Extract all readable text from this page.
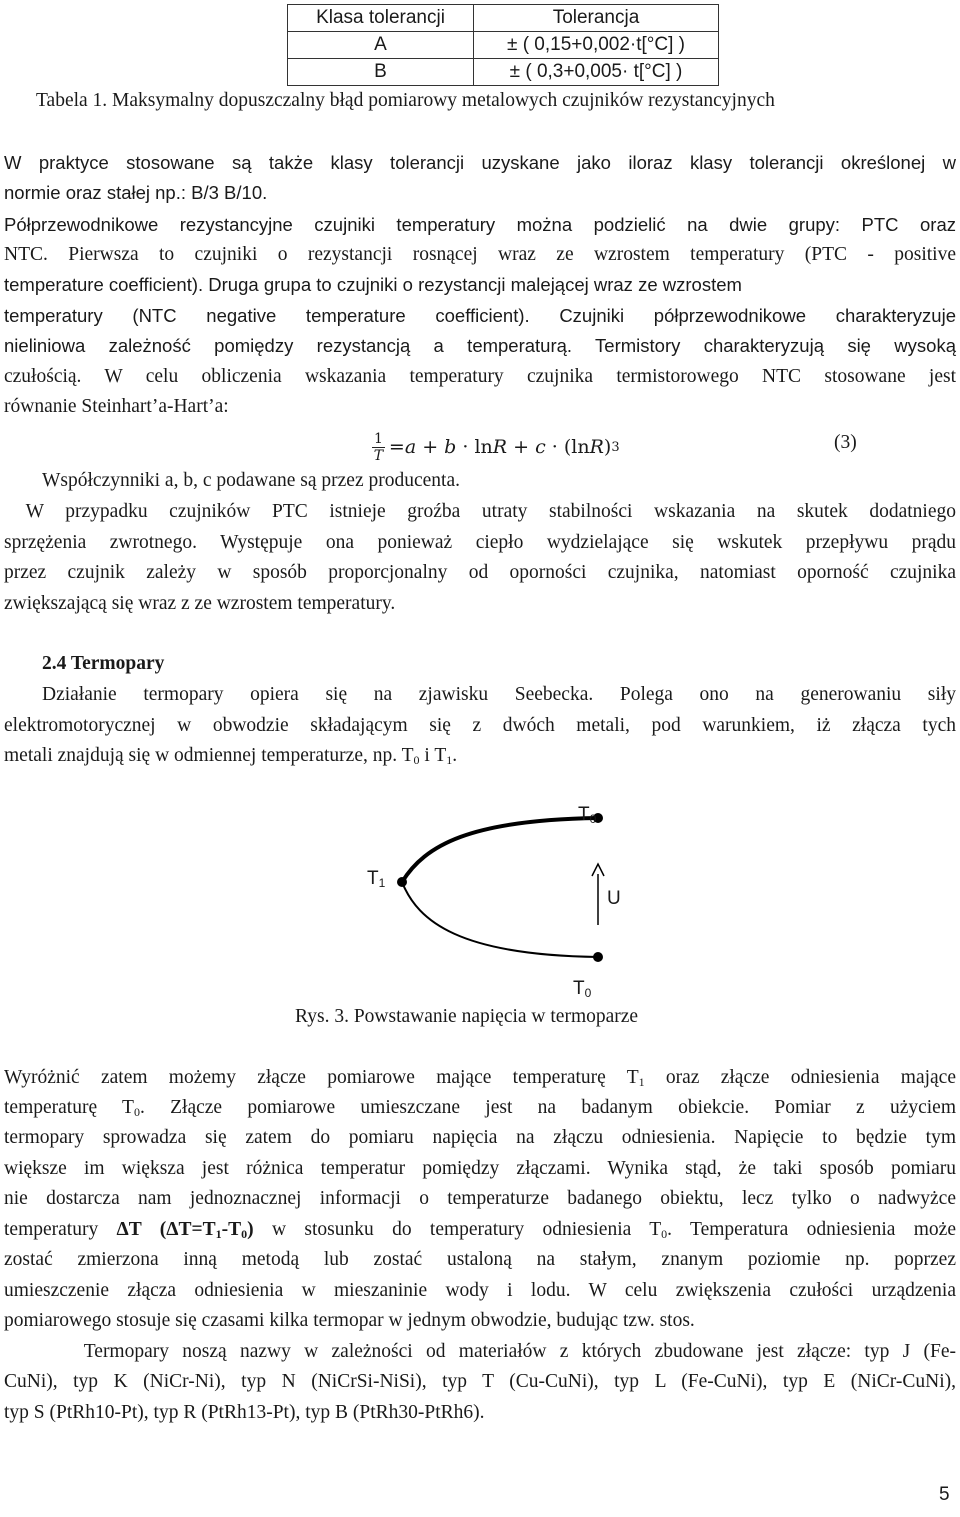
Klasa tolerancji	Tolerancja
A	± ( 0,15+0,002·t[°C] )
B	± ( 0,3+0,005· t[°C] )
Tabela 1. Maksymalny dopuszczalny błąd pomiarowy metalowych czujników rezystancyjnych
W praktyce stosowane są także klasy tolerancji uzyskane jako iloraz klasy tolerancji określonej w
normie oraz stałej np.: B/3 B/10.
Półprzewodnikowe rezystancyjne czujniki temperatury można podzielić na dwie grupy: PTC oraz
NTC. Pierwsza to czujniki o rezystancji rosnącej wraz ze wzrostem temperatury (PTC - positive
temperature coefficient). Druga grupa to czujniki o rezystancji malejącej wraz ze wzrostem
temperatury (NTC negative temperature coefficient). Czujniki półprzewodnikowe charakteryzuje
nieliniowa zależność pomiędzy rezystancją a temperaturą. Termistory charakteryzują się wysoką
czułością. W celu obliczenia wskazania temperatury czujnika termistorowego NTC stosowane jest
równanie Steinhart’a-Hart’a:
$\frac{1}{T} = a + b \cdot \ln R + c \cdot (\ln$ R ) 3	(3)
Współczynniki a, b, c podawane są przez producenta.
W przypadku czujników PTC istnieje groźba utraty stabilności wskazania na skutek dodatniego
sprzężenia zwrotnego. Występuje ona ponieważ ciepło wydzielające się wskutek przepływu prądu
przez czujnik zależy w sposób proporcjonalny od oporności czujnika, natomiast oporność czujnika
zwiększającą się wraz z ze wzrostem temperatury.
2.4 Termopary
Działanie termopary opiera się na zjawisku Seebecka. Polega ono na generowaniu siły
elektromotorycznej w obwodzie składającym się z dwóch metali, pod warunkiem, iż złącza tych
metali znajdują się w odmiennej temperaturze, np. $T_0$ i $T_1$.
$T_0$
$T_1$
U
$T_0$
Rys. 3. Powstawanie napięcia w termoparze
Wyróżnić zatem możemy złącze pomiarowe mające temperaturę $T_1$ oraz złącze odniesienia mające
temperaturę $T_0$. Złącze pomiarowe umieszczane jest na badanym obiekcie. Pomiar z użyciem
termopary sprowadza się zatem do pomiaru napięcia na złączu odniesienia. Napięcie to będzie tym
większe im większa jest różnica temperatur pomiędzy złączami. Wynika stąd, że taki sposób pomiaru
nie dostarcza nam jednoznacznej informacji o temperaturze badanego obiektu, lecz tylko o nadwyżce
temperatury ΔT $(\Delta T=T_1-T_0)$ w stosunku do temperatury odniesienia $T_0$. Temperatura odniesienia może
zostać zmierzona inną metodą lub zostać ustaloną na stałym, znanym poziomie np. poprzez
umieszczenie złącza odniesienia w mieszaninie wody i lodu. W celu zwiększenia czułości urządzenia
pomiarowego stosuje się czasami kilka termopar w jednym obwodzie, budując tzw. stos.
Termopary noszą nazwy w zależności od materiałów z których zbudowane jest złącze: typ J (Fe-
CuNi), typ K (NiCr-Ni), typ N (NiCrSi-NiSi), typ T (Cu-CuNi), typ L (Fe-CuNi), typ E (NiCr-CuNi),
typ S (PtRh10-Pt), typ R (PtRh13-Pt), typ B (PtRh30-PtRh6).
5
